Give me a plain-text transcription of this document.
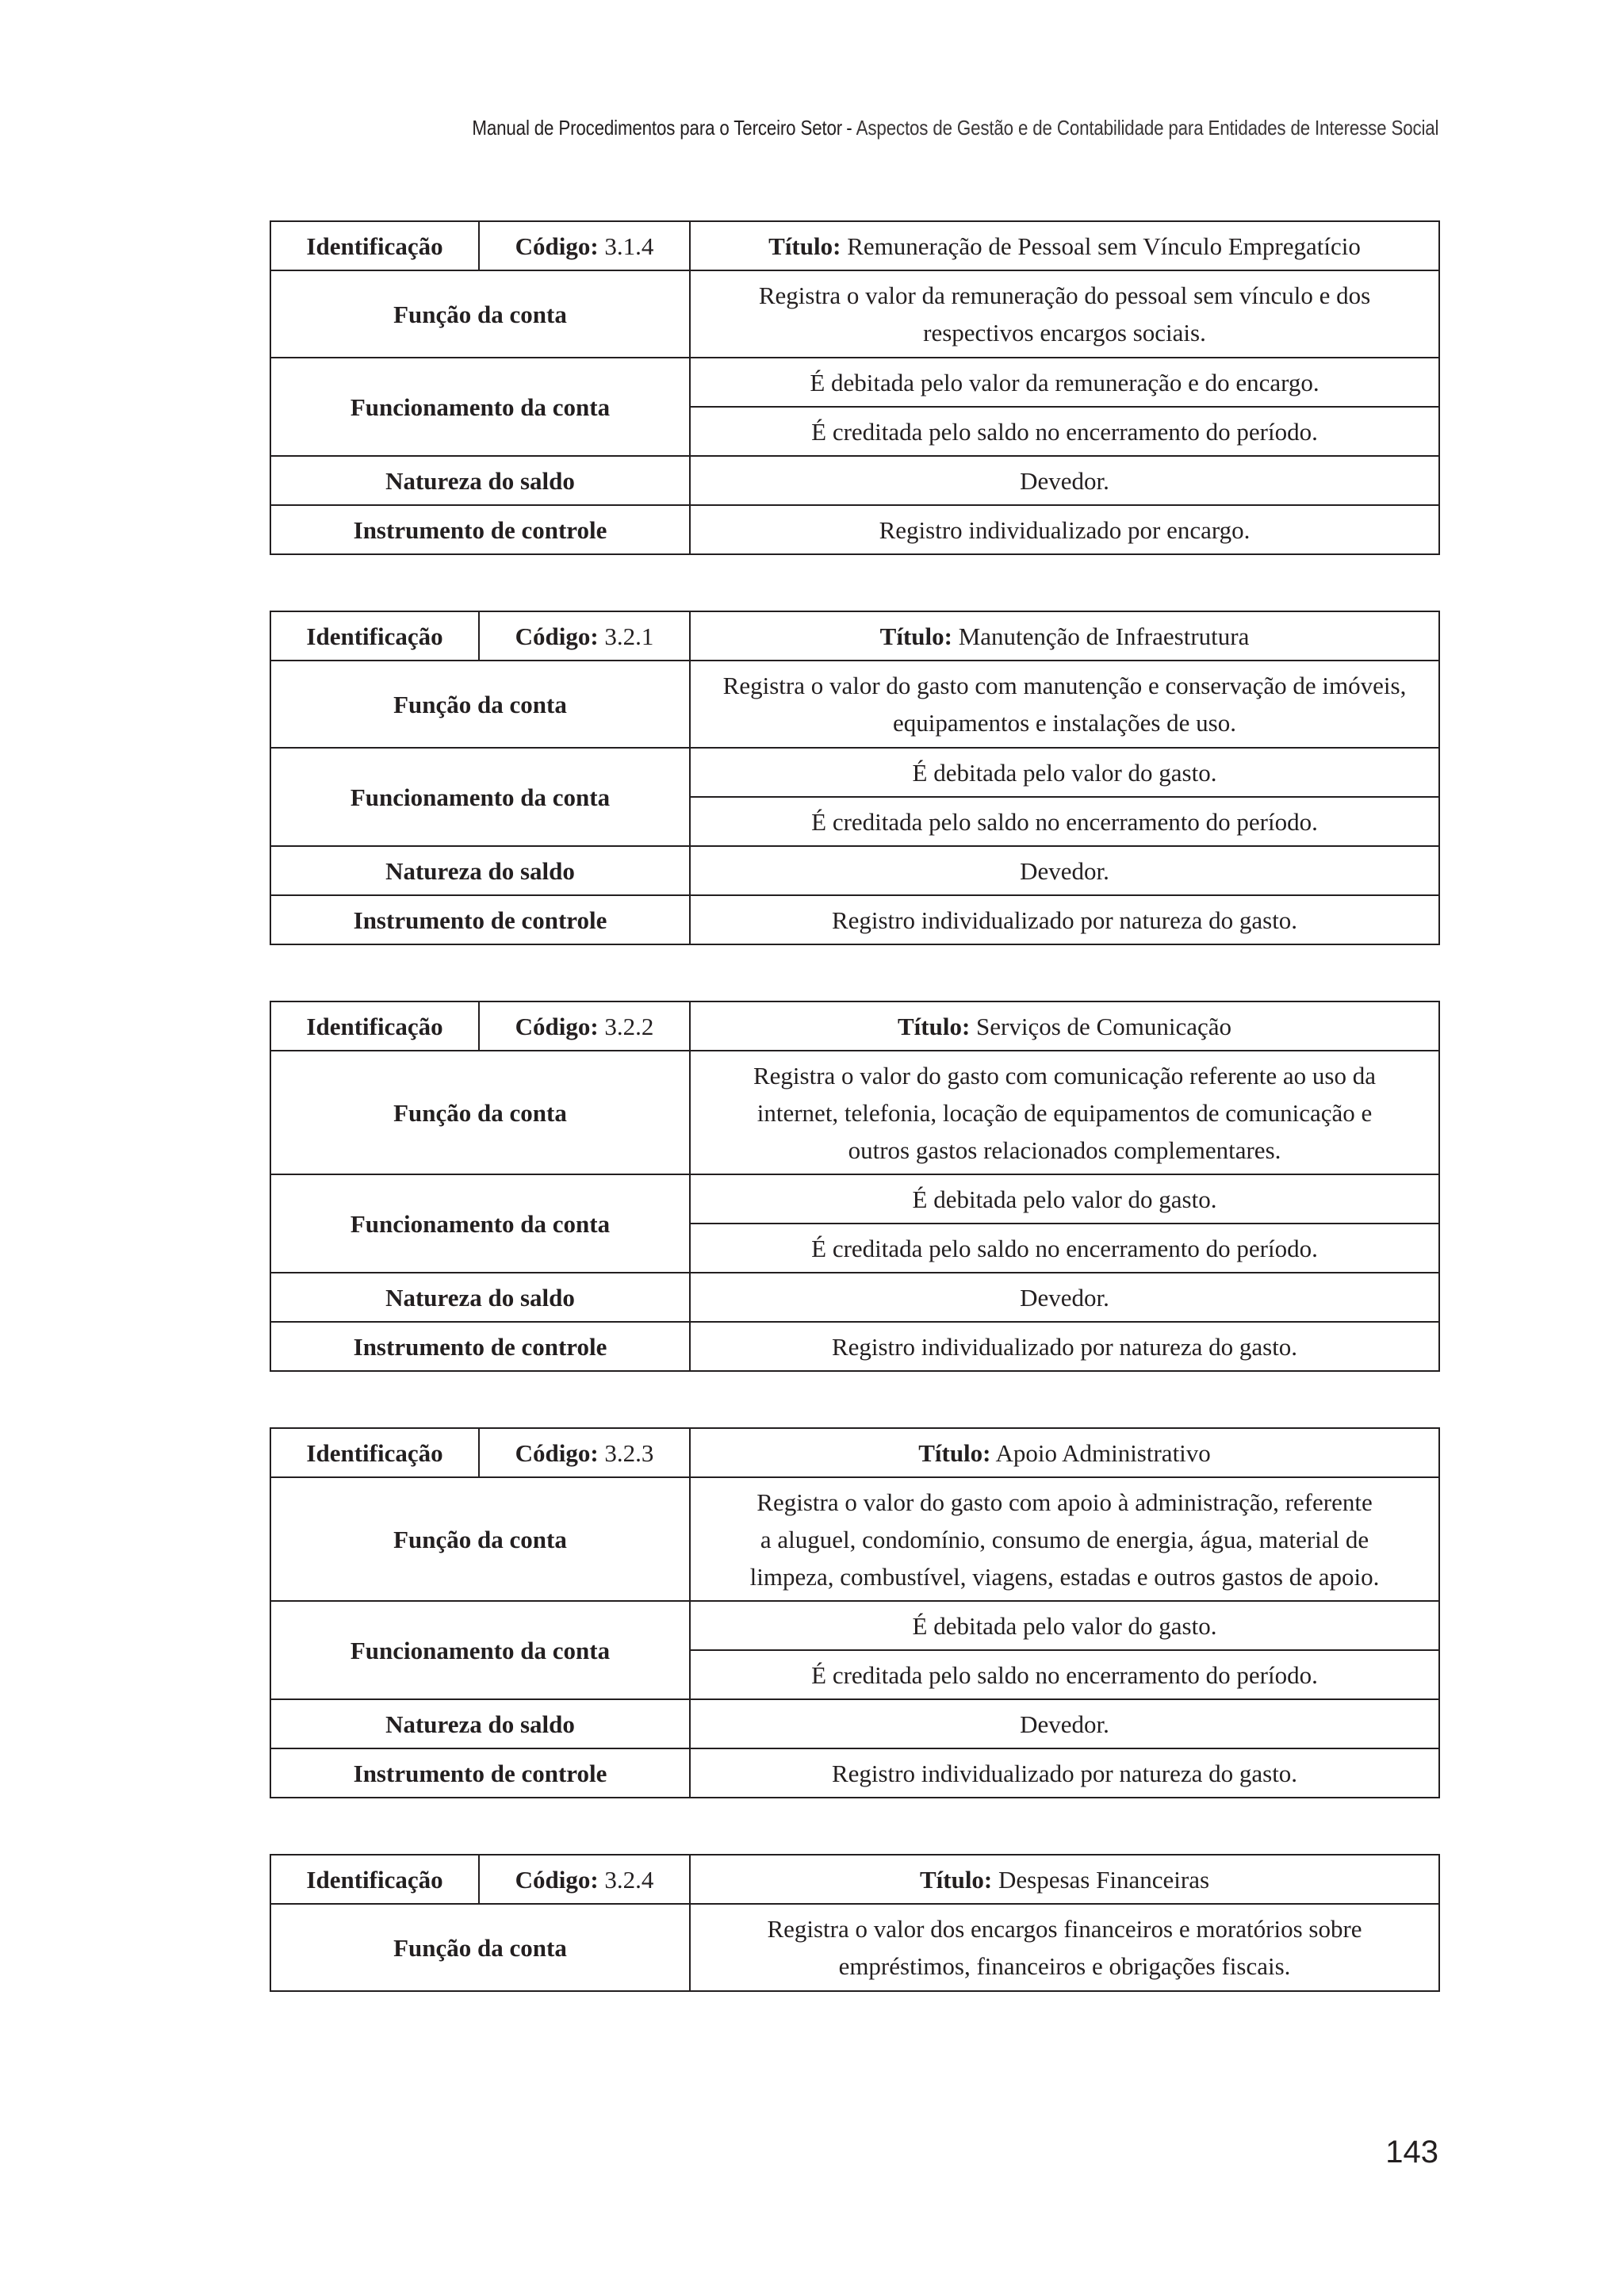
Manual de Procedimentos para o Terceiro Setor - Aspectos de Gestão e de Contabilidade para Entidades de Interesse Social
Identificação	Código: 3.1.4	Título: Remuneração de Pessoal sem Vínculo Empregatício
Função da conta		Registra o valor da remuneração do pessoal sem vínculo e dos
respectivos encargos sociais.
Funcionamento da conta		É debitada pelo valor da remuneração e do encargo.
		É creditada pelo saldo no encerramento do período.
Natureza do saldo		Devedor.
Instrumento de controle		Registro individualizado por encargo.
Identificação	Código: 3.2.1	Título: Manutenção de Infraestrutura
Função da conta		Registra o valor do gasto com manutenção e conservação de imóveis,
equipamentos e instalações de uso.
Funcionamento da conta		É debitada pelo valor do gasto.
		É creditada pelo saldo no encerramento do período.
Natureza do saldo		Devedor.
Instrumento de controle		Registro individualizado por natureza do gasto.
Identificação	Código: 3.2.2	Título: Serviços de Comunicação
Função da conta		Registra o valor do gasto com comunicação referente ao uso da
internet, telefonia, locação de equipamentos de comunicação e
outros gastos relacionados complementares.
Funcionamento da conta		É debitada pelo valor do gasto.
		É creditada pelo saldo no encerramento do período.
Natureza do saldo		Devedor.
Instrumento de controle		Registro individualizado por natureza do gasto.
Identificação	Código: 3.2.3	Título: Apoio Administrativo
Função da conta		Registra o valor do gasto com apoio à administração, referente
a aluguel, condomínio, consumo de energia, água, material de
limpeza, combustível, viagens, estadas e outros gastos de apoio.
Funcionamento da conta		É debitada pelo valor do gasto.
		É creditada pelo saldo no encerramento do período.
Natureza do saldo		Devedor.
Instrumento de controle		Registro individualizado por natureza do gasto.
Identificação	Código: 3.2.4	Título: Despesas Financeiras
Função da conta		Registra o valor dos encargos financeiros e moratórios sobre
empréstimos, financeiros e obrigações fiscais.
143
